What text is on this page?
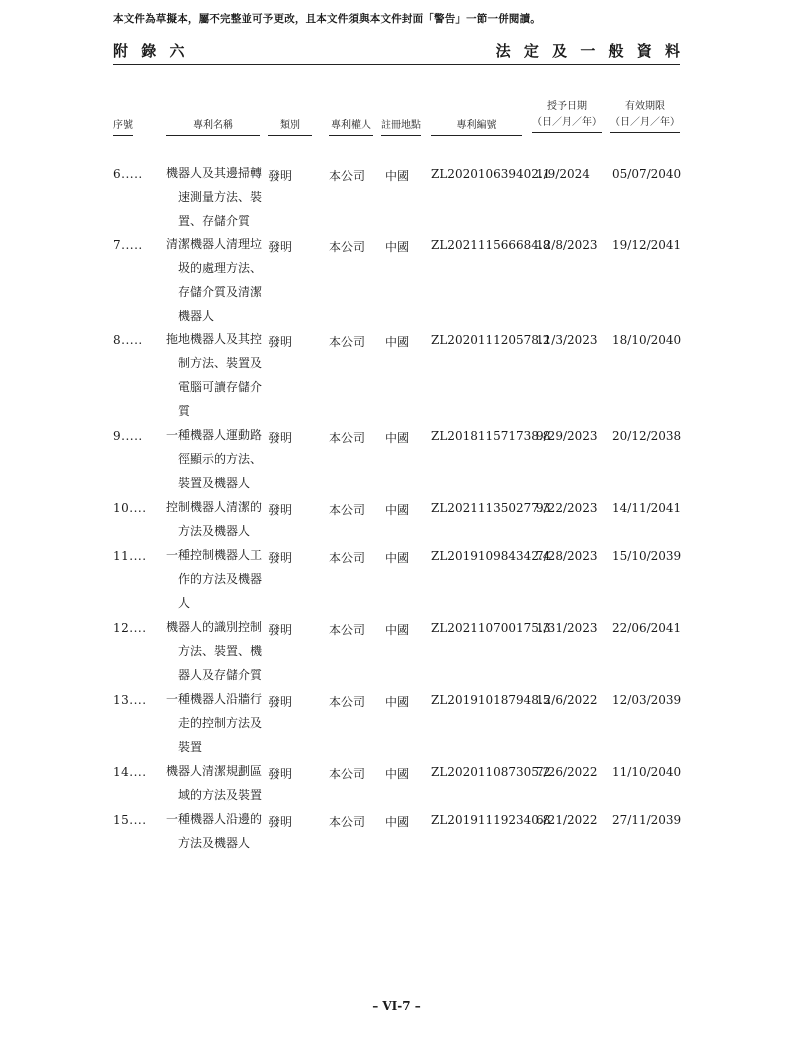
本文件為草擬本，屬不完整並可予更改，且本文件須與本文件封面「警告」一節一併閱讀。
附 錄 六	法 定 及 一 般 資 料
序號	專利名稱	類別	專利權人 註冊地點	專利編號
授予日期
（日／月／年）
有效期限
（日／月／年）
6..... 機器人及其邊掃轉
速測量方法、裝
置、存儲介質
發明	本公司 中國 ZL202010639402.1
1/9/2024 05/07/2040
7..... 清潔機器人清理垃
圾的處理方法、
存儲介質及清潔
機器人
發明	本公司 中國 ZL202111566684.8
12/8/2023 19/12/2041
8..... 拖地機器人及其控
制方法、裝置及
電腦可讀存儲介
質
發明	本公司 中國 ZL202011120578.2
11/3/2023 18/10/2040
9..... 一種機器人運動路
徑顯示的方法、
裝置及機器人
發明	本公司 中國 ZL201811571738.8
9/29/2023 20/12/2038
10.... 控制機器人清潔的
方法及機器人
發明	本公司 中國 ZL202111350277.3
9/22/2023 14/11/2041
11.... 一種控制機器人工
作的方法及機器
人
發明	本公司 中國 ZL201910984342.4
7/28/2023 15/10/2039
12.... 機器人的識別控制
方法、裝置、機
器人及存儲介質
發明	本公司 中國 ZL202110700175.3
1/31/2023 22/06/2041
13.... 一種機器人沿牆行
走的控制方法及
裝置
發明	本公司 中國 ZL201910187948.5
12/6/2022 12/03/2039
14.... 機器人清潔規劃區
域的方法及裝置
發明	本公司 中國 ZL202011087305.2
7/26/2022 11/10/2040
15.... 一種機器人沿邊的
方法及機器人
發明	本公司 中國 ZL201911192340.8
6/21/2022 27/11/2039
– VI-7 –
